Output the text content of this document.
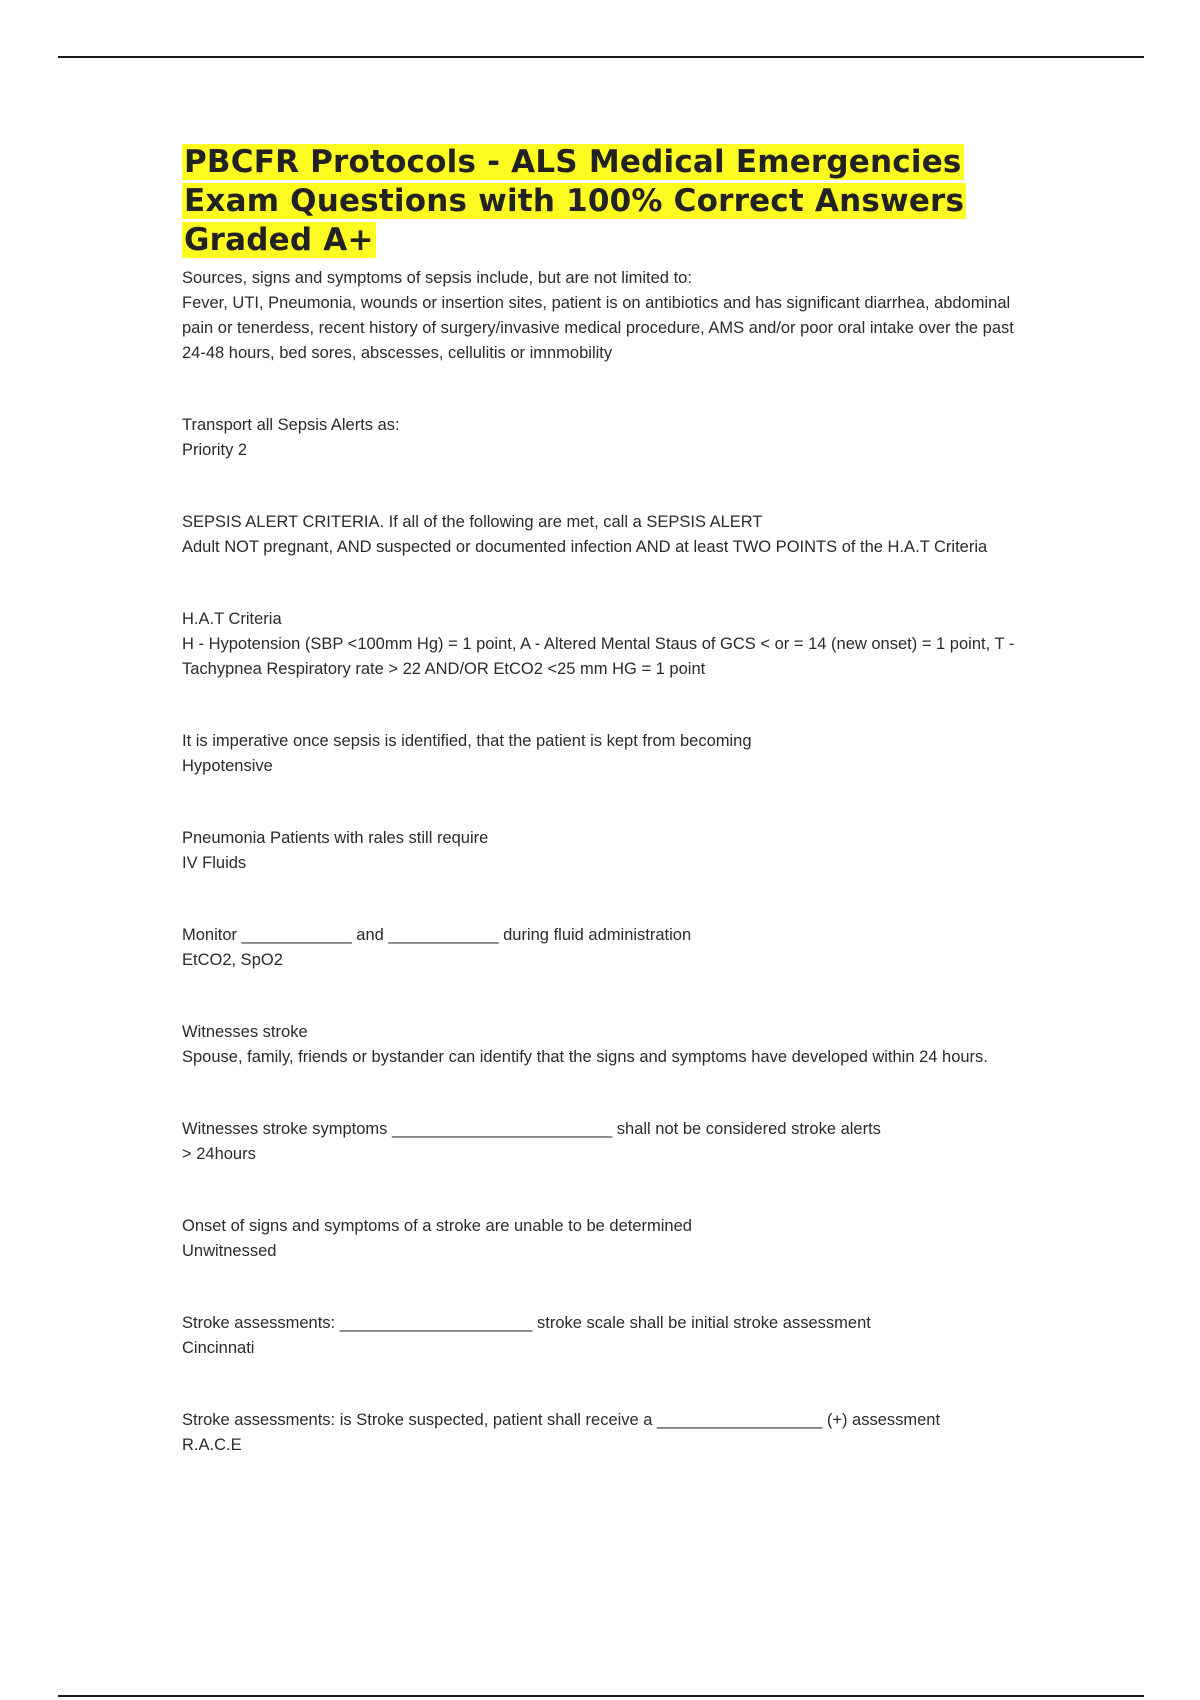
PBCFR Protocols - ALS Medical Emergencies Exam Questions with 100% Correct Answers Graded A+

Sources, signs and symptoms of sepsis include, but are not limited to:

Fever, UTI, Pneumonia, wounds or insertion sites, patient is on antibiotics and has significant diarrhea, abdominal pain or tenerdess, recent history of surgery/invasive medical procedure, AMS and/or poor oral intake over the past 24-48 hours, bed sores, abscesses, cellulitis or imnmobility

Transport all Sepsis Alerts as:

Priority 2

SEPSIS ALERT CRITERIA. If all of the following are met, call a SEPSIS ALERT

Adult NOT pregnant, AND suspected or documented infection AND at least TWO POINTS of the H.A.T Criteria

H.A.T Criteria

H - Hypotension (SBP <100mm Hg) = 1 point, A - Altered Mental Staus of GCS < or = 14 (new onset) = 1 point, T - Tachypnea Respiratory rate > 22 AND/OR EtCO2 <25 mm HG = 1 point

It is imperative once sepsis is identified, that the patient is kept from becoming

Hypotensive

Pneumonia Patients with rales still require

IV Fluids

Monitor ____________ and ____________ during fluid administration

EtCO2, SpO2

Witnesses stroke

Spouse, family, friends or bystander can identify that the signs and symptoms have developed within 24 hours.

Witnesses stroke symptoms ________________________ shall not be considered stroke alerts

> 24hours

Onset of signs and symptoms of a stroke are unable to be determined

Unwitnessed

Stroke assessments: _____________________ stroke scale shall be initial stroke assessment

Cincinnati

Stroke assessments: is Stroke suspected, patient shall receive a __________________ (+) assessment

R.A.C.E
